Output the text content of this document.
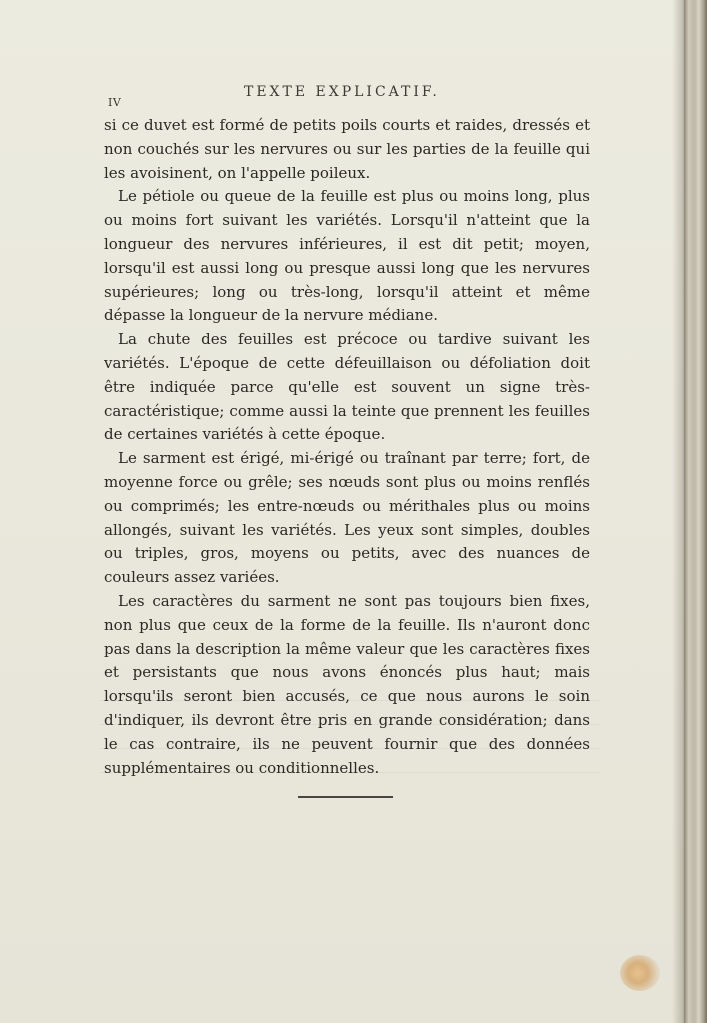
IV
TEXTE EXPLICATIF.

si ce duvet est formé de petits poils courts et raides, dressés et non couchés sur les nervures ou sur les parties de la feuille qui les avoisinent, on l'appelle poileux.

Le pétiole ou queue de la feuille est plus ou moins long, plus ou moins fort suivant les variétés. Lorsqu'il n'atteint que la longueur des nervures inférieures, il est dit petit; moyen, lorsqu'il est aussi long ou presque aussi long que les nervures supérieures; long ou très-long, lorsqu'il atteint et même dépasse la longueur de la nervure médiane.

La chute des feuilles est précoce ou tardive suivant les variétés. L'époque de cette défeuillaison ou défoliation doit être indiquée parce qu'elle est souvent un signe très-caractéristique; comme aussi la teinte que prennent les feuilles de certaines variétés à cette époque.

Le sarment est érigé, mi-érigé ou traînant par terre; fort, de moyenne force ou grêle; ses nœuds sont plus ou moins renflés ou comprimés; les entre-nœuds ou mérithales plus ou moins allongés, suivant les variétés. Les yeux sont simples, doubles ou triples, gros, moyens ou petits, avec des nuances de couleurs assez variées.

Les caractères du sarment ne sont pas toujours bien fixes, non plus que ceux de la forme de la feuille. Ils n'auront donc pas dans la description la même valeur que les caractères fixes et persistants que nous avons énoncés plus haut; mais lorsqu'ils seront bien accusés, ce que nous aurons le soin d'indiquer, ils devront être pris en grande considération; dans le cas contraire, ils ne peuvent fournir que des données supplémentaires ou conditionnelles.
